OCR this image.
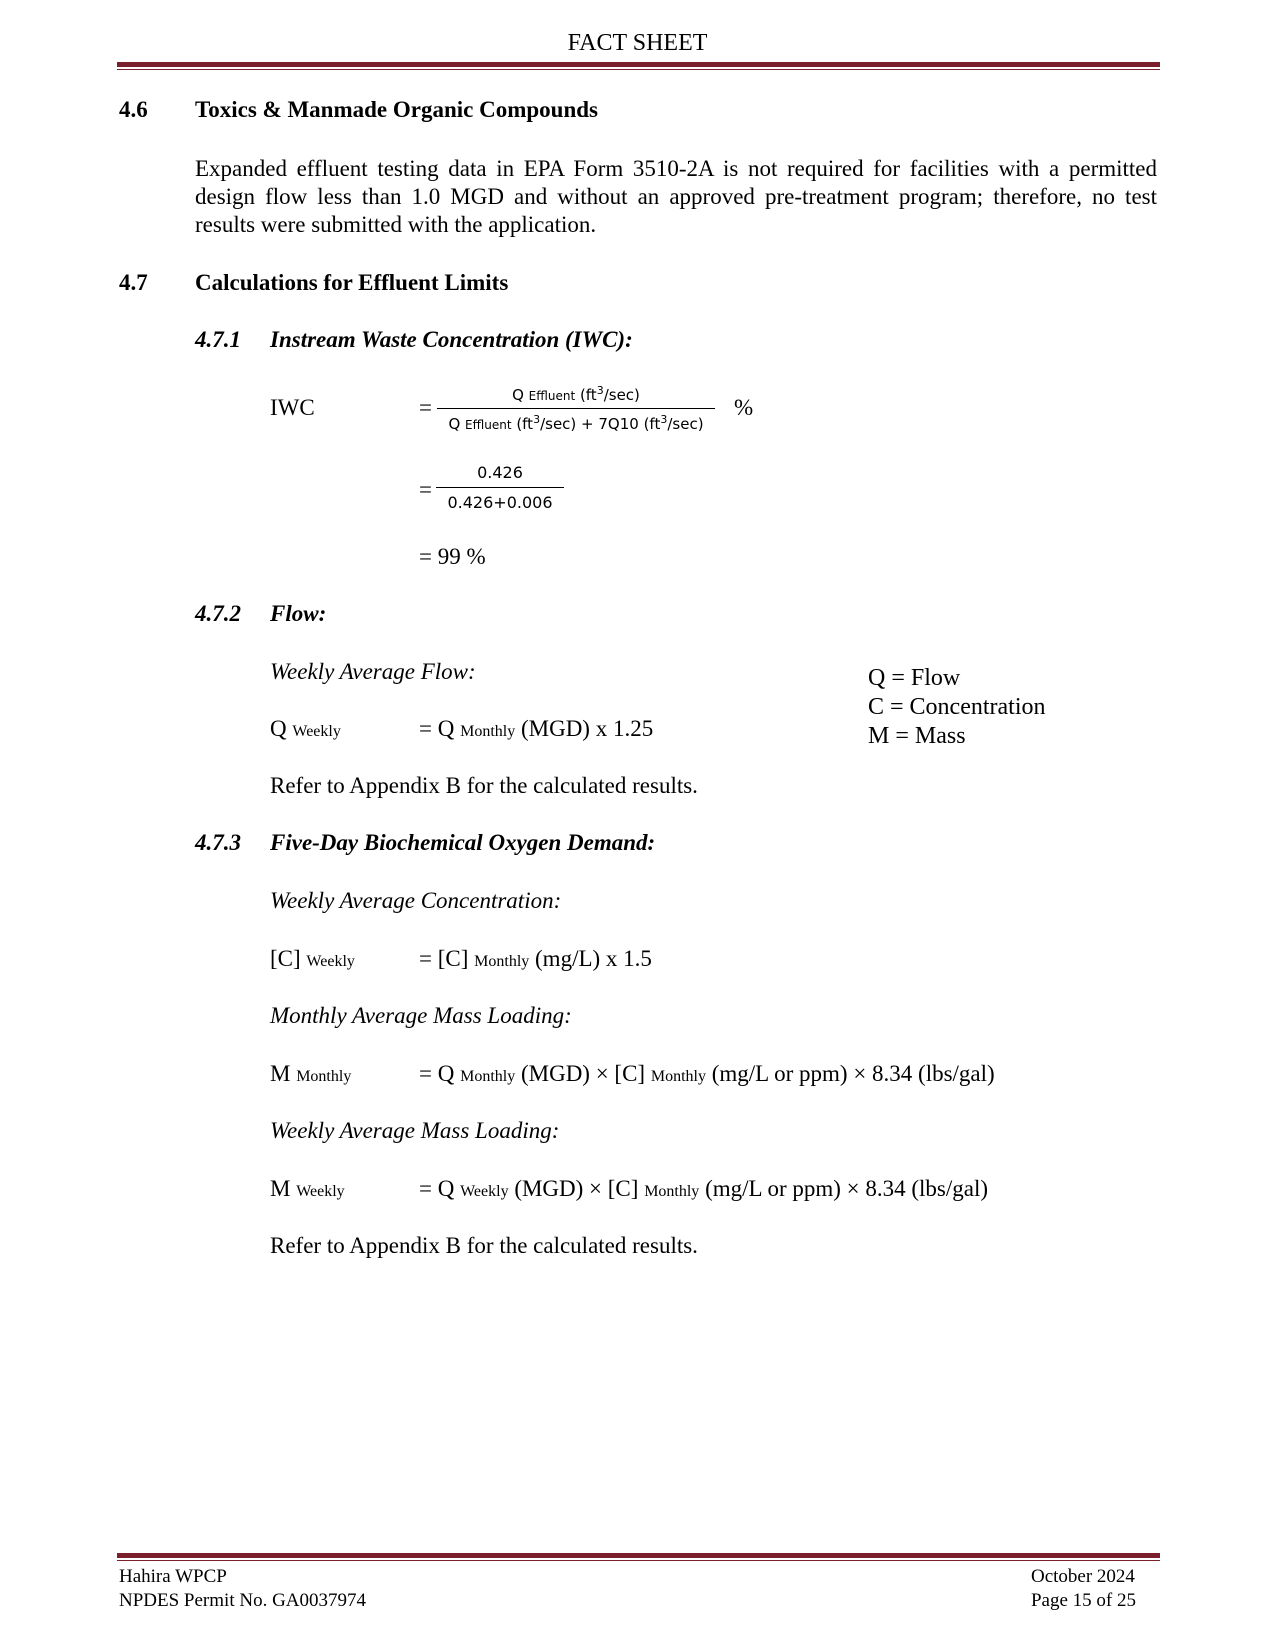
FACT SHEET
4.6 Toxics & Manmade Organic Compounds
Expanded effluent testing data in EPA Form 3510-2A is not required for facilities with a permitted design flow less than 1.0 MGD and without an approved pre-treatment program; therefore, no test results were submitted with the application.
4.7 Calculations for Effluent Limits
4.7.1 Instream Waste Concentration (IWC):
IWC	=	Q Effluent $(ft^3/\sec)$
Q Effluent $(ft^3/\sec) + 7Q10$ $(ft^3/\sec)$
%
=
0.426
0.426+0.006
= 99 %
4.7.2 Flow:
Weekly Average Flow:
Q Weekly	= Q Monthly (MGD) x 1.25
Q = Flow
C = Concentration
M = Mass
Refer to Appendix B for the calculated results.
4.7.3 Five-Day Biochemical Oxygen Demand:
Weekly Average Concentration:
[C] Weekly	= [C] Monthly (mg/L) x 1.5
Monthly Average Mass Loading:
M Monthly	= Q Monthly (MGD) × [C] Monthly (mg/L or ppm) × 8.34 (lbs/gal)
Weekly Average Mass Loading:
M Weekly	= Q Weekly (MGD) × [C] Monthly (mg/L or ppm) × 8.34 (lbs/gal)
Refer to Appendix B for the calculated results.
Hahira WPCP
NPDES Permit No. GA0037974
October 2024
Page 15 of 25
